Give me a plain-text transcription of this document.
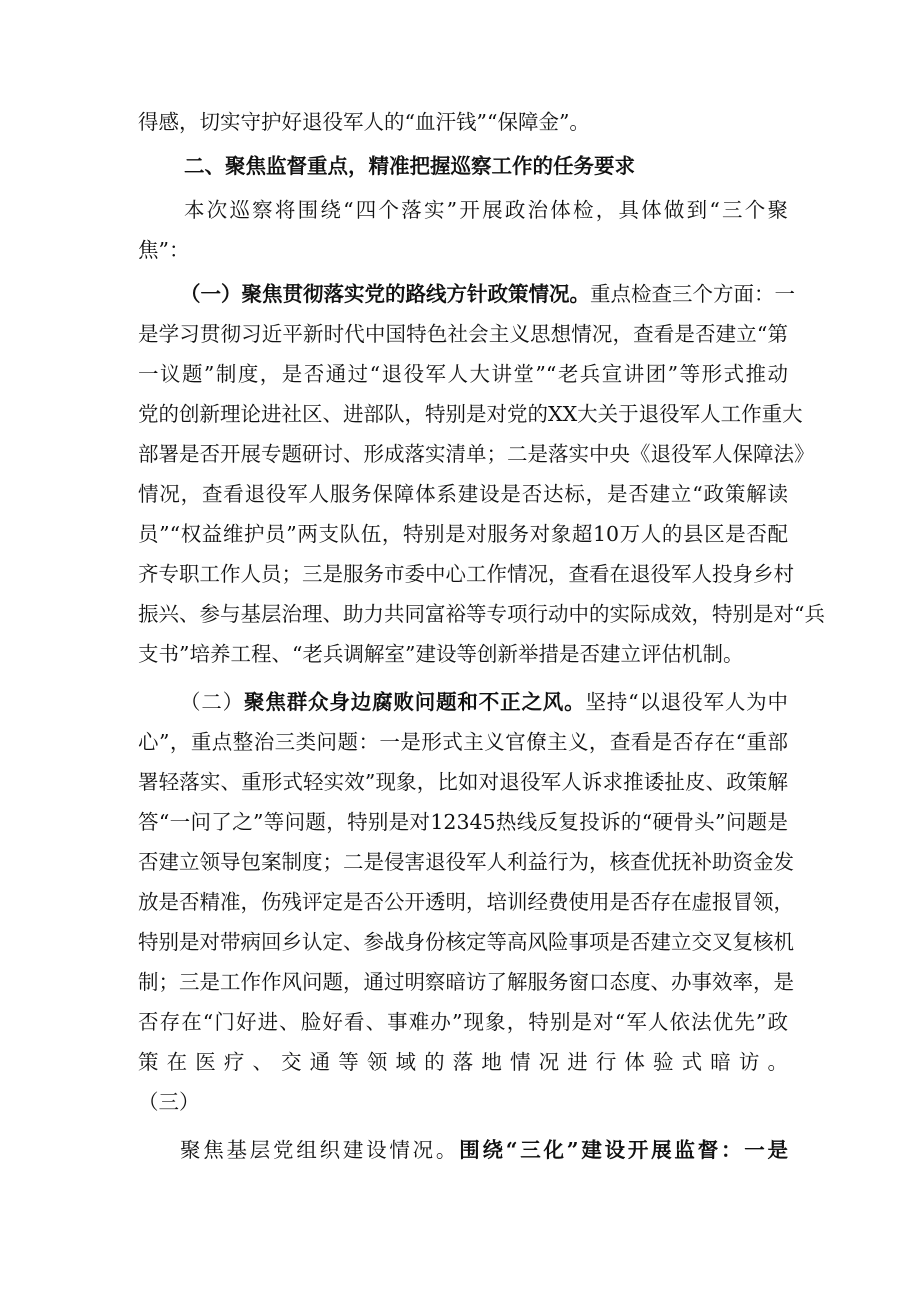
得感，切实守护好退役军人的“血汗钱”“保障金”。
二、聚焦监督重点，精准把握巡察工作的任务要求
本次巡察将围绕“四个落实”开展政治体检，具体做到“三个聚
焦”：
（一）聚焦贯彻落实党的路线方针政策情况。重点检查三个方面：一
是学习贯彻习近平新时代中国特色社会主义思想情况，查看是否建立“第
一议题”制度，是否通过“退役军人大讲堂”“老兵宣讲团”等形式推动
党的创新理论进社区、进部队，特别是对党的XX大关于退役军人工作重大
部署是否开展专题研讨、形成落实清单；二是落实中央《退役军人保障法》
情况，查看退役军人服务保障体系建设是否达标，是否建立“政策解读
员”“权益维护员”两支队伍，特别是对服务对象超10万人的县区是否配
齐专职工作人员；三是服务市委中心工作情况，查看在退役军人投身乡村
振兴、参与基层治理、助力共同富裕等专项行动中的实际成效，特别是对“兵
支书”培养工程、“老兵调解室”建设等创新举措是否建立评估机制。
（二）聚焦群众身边腐败问题和不正之风。坚持“以退役军人为中
心”，重点整治三类问题：一是形式主义官僚主义，查看是否存在“重部
署轻落实、重形式轻实效”现象，比如对退役军人诉求推诿扯皮、政策解
答“一问了之”等问题，特别是对12345热线反复投诉的“硬骨头”问题是
否建立领导包案制度；二是侵害退役军人利益行为，核查优抚补助资金发
放是否精准，伤残评定是否公开透明，培训经费使用是否存在虚报冒领，
特别是对带病回乡认定、参战身份核定等高风险事项是否建立交叉复核机
制；三是工作作风问题，通过明察暗访了解服务窗口态度、办事效率，是
否存在“门好进、脸好看、事难办”现象，特别是对“军人依法优先”政
策在医疗、交通等领域的落地情况进行体验式暗访。
（三）
聚焦基层党组织建设情况。围绕“三化”建设开展监督：一是
